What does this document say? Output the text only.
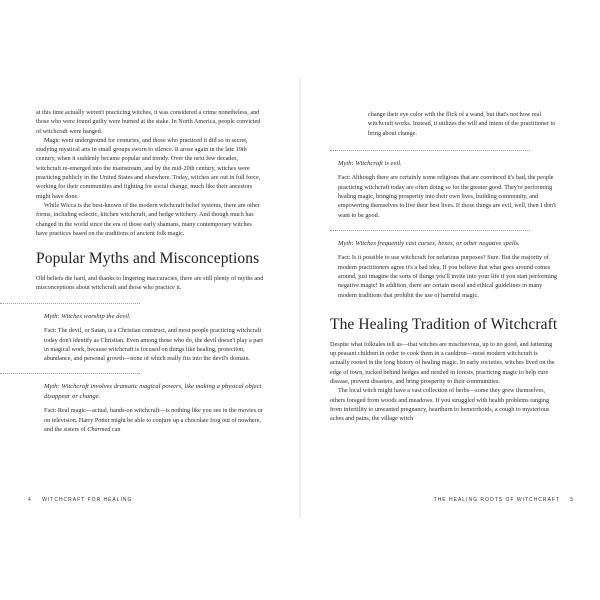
at this time actually weren't practicing witches, it was considered a crime nonetheless, and those who were found guilty were burned at the stake. In North America, people convicted of witchcraft were hanged.

Magic went underground for centuries, and those who practiced it did so in secret, studying mystical arts in small groups sworn to silence. It arose again in the late 19th century, when it suddenly became popular and trendy. Over the next few decades, witchcraft re-emerged into the mainstream, and by the mid-20th century, witches were practicing publicly in the United States and elsewhere. Today, witches are out in full force, working for their communities and fighting for social change, much like their ancestors might have done.

While Wicca is the best-known of the modern witchcraft belief systems, there are other forms, including eclectic, kitchen witchcraft, and hedge witchery. And though much has changed in the world since the era of those early shamans, many contemporary witches have practices based on the traditions of ancient folk magic.

Popular Myths and Misconceptions

Old beliefs die hard, and thanks to lingering inaccuracies, there are still plenty of myths and misconceptions about witchcraft and those who practice it.

Myth: Witches worship the devil.

Fact: The devil, or Satan, is a Christian construct, and most people practicing witchcraft today don't identify as Christian. Even among those who do, the devil doesn't play a part in magical work, because witchcraft is focused on things like healing, protection, abundance, and personal growth—none of which really fits into the devil's domain.

Myth: Witchcraft involves dramatic magical powers, like making a physical object disappear or change.

Fact: Real magic—actual, hands-on witchcraft—is nothing like you see in the movies or on television. Harry Potter might be able to conjure up a chocolate frog out of nowhere, and the sisters of Charmed can

4 WITCHCRAFT FOR HEALING

change their eye color with the flick of a wand, but that's not how real witchcraft works. Instead, it utilizes the will and intent of the practitioner to bring about change.

Myth: Witchcraft is evil.

Fact: Although there are certainly some religions that are convinced it's bad, the people practicing witchcraft today are often doing so for the greater good. They're performing healing magic, bringing prosperity into their own lives, building community, and empowering themselves to live their best lives. If those things are evil, well, then I don't want to be good.

Myth: Witches frequently cast curses, hexes, or other negative spells.

Fact: Is it possible to use witchcraft for nefarious purposes? Sure. But the majority of modern practitioners agree it's a bad idea. If you believe that what goes around comes around, just imagine the sorts of things you'll invite into your life if you start performing negative magic! In addition, there are certain moral and ethical guidelines in many modern traditions that prohibit the use of harmful magic.

The Healing Tradition of Witchcraft

Despite what folktales tell us—that witches are mischievous, up to no good, and fattening up peasant children in order to cook them in a cauldron—most modern witchcraft is actually rooted in the long history of healing magic. In early societies, witches lived on the edge of town, tucked behind hedges and nestled in forests, practicing magic to help cure disease, prevent disasters, and bring prosperity to their communities.

The local witch might have a vast collection of herbs—some they grew themselves, others foraged from woods and meadows. If you struggled with health problems ranging from infertility to unwanted pregnancy, heartburn to hemorrhoids, a cough to mysterious aches and pains, the village witch

THE HEALING ROOTS OF WITCHCRAFT 5
